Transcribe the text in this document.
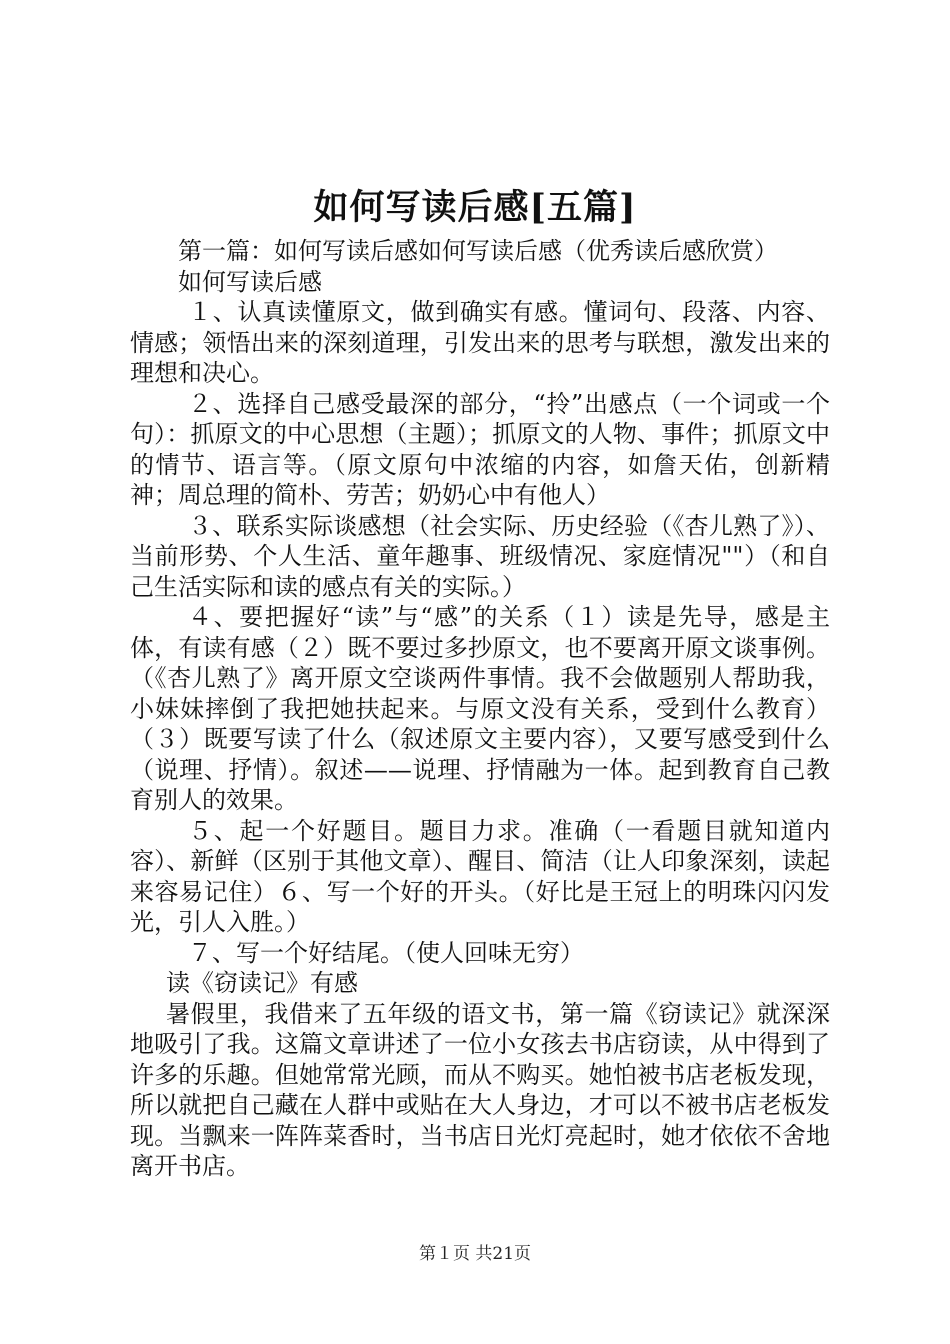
如何写读后感[五篇]

第一篇：如何写读后感如何写读后感（优秀读后感欣赏）

如何写读后感

１、认真读懂原文，做到确实有感。懂词句、段落、内容、情感；领悟出来的深刻道理，引发出来的思考与联想，激发出来的理想和决心。

２、选择自己感受最深的部分，“拎”出感点（一个词或一个句）：抓原文的中心思想（主题）；抓原文的人物、事件；抓原文中的情节、语言等。（原文原句中浓缩的内容，如詹天佑，创新精神；周总理的简朴、劳苦；奶奶心中有他人）

３、联系实际谈感想（社会实际、历史经验（《杏儿熟了》）、当前形势、个人生活、童年趣事、班级情况、家庭情况""）（和自己生活实际和读的感点有关的实际。）

４、要把握好“读”与“感”的关系（１）读是先导，感是主体，有读有感（２）既不要过多抄原文，也不要离开原文谈事例。（《杏儿熟了》离开原文空谈两件事情。我不会做题别人帮助我，小妹妹摔倒了我把她扶起来。与原文没有关系，受到什么教育）（３）既要写读了什么（叙述原文主要内容），又要写感受到什么（说理、抒情）。叙述——说理、抒情融为一体。起到教育自己教育别人的效果。

５、起一个好题目。题目力求。准确（一看题目就知道内容）、新鲜（区别于其他文章）、醒目、简洁（让人印象深刻，读起来容易记住）６、写一个好的开头。（好比是王冠上的明珠闪闪发光，引人入胜。）

７、写一个好结尾。（使人回味无穷）

读《窃读记》有感

暑假里，我借来了五年级的语文书，第一篇《窃读记》就深深地吸引了我。这篇文章讲述了一位小女孩去书店窃读，从中得到了许多的乐趣。但她常常光顾，而从不购买。她怕被书店老板发现，所以就把自己藏在人群中或贴在大人身边，才可以不被书店老板发现。当飘来一阵阵菜香时，当书店日光灯亮起时，她才依依不舍地离开书店。

第１页 共21页
